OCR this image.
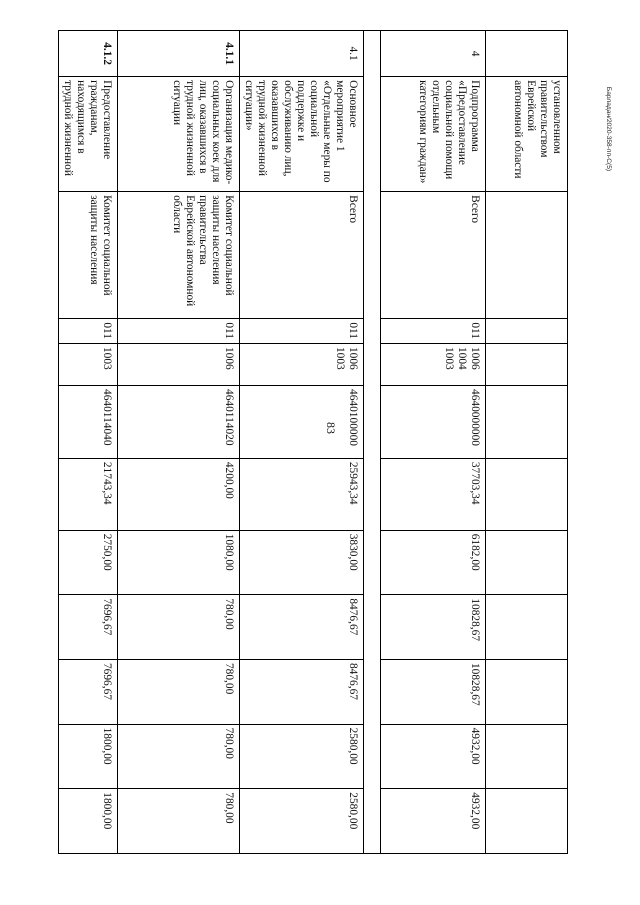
83
Барладан/2020-358-пп-С(5)
	установленном правительством Еврейской автономной области										
4	Подпрограмма «Предоставление социальной помощи отдельным категориям граждан»	Всего	011	1006 1004 1003	4640000000	37703,34	6182,00	10828,67	10828,67	4932,00	4932,00

4.1	Основное мероприятие 1 «Отдельные меры по социальной поддержке и обслуживанию лиц, оказавшихся в трудной жизненной ситуации»	Всего	011	1006 1003	4640100000	25943,34	3830,00	8476,67	8476,67	2580,00	2580,00
4.1.1	Организация медико-социальных коек для лиц, оказавшихся в трудной жизненной ситуации	Комитет социальной защиты населения правительства Еврейской автономной области	011	1006	4640114020	4200,00	1080,00	780,00	780,00	780,00	780,00
4.1.2	Предоставление гражданам, находящимся в трудной жизненной	Комитет социальной защиты населения	011	1003	4640114040	21743,34	2750,00	7696,67	7696,67	1800,00	1800,00
